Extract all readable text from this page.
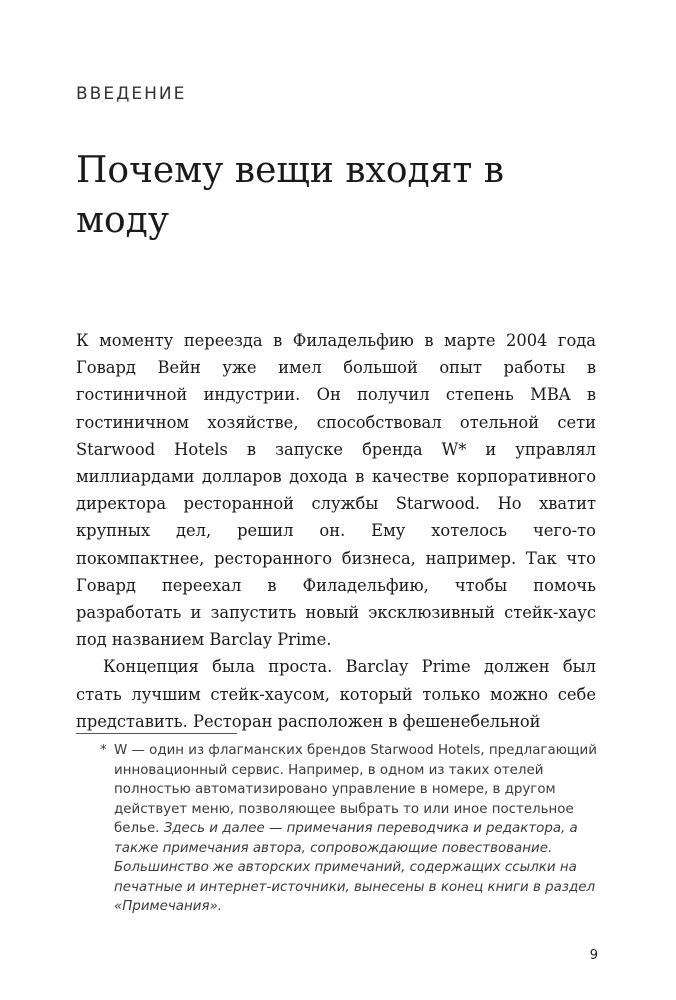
ВВЕДЕНИЕ
Почему вещи входят в моду

К моменту переезда в Филадельфию в марте 2004 года Говард Вейн уже имел большой опыт работы в гостиничной индустрии. Он получил степень MBA в гостиничном хозяйстве, способствовал отельной сети Starwood Hotels в запуске бренда W* и управлял миллиардами долларов дохода в качестве корпоративного директора ресторанной службы Starwood. Но хватит крупных дел, решил он. Ему хотелось чего-то покомпактнее, ресторанного бизнеса, например. Так что Говард переехал в Филадельфию, чтобы помочь разработать и запустить новый эксклюзивный стейк-хаус под названием Barclay Prime.

Концепция была проста. Barclay Prime должен был стать лучшим стейк-хаусом, который только можно себе представить. Ресторан расположен в фешенебельной

* W — один из флагманских брендов Starwood Hotels, предлагающий инновационный сервис. Например, в одном из таких отелей полностью автоматизировано управление в номере, в другом действует меню, позволяющее выбрать то или иное постельное белье. Здесь и далее — примечания переводчика и редактора, а также примечания автора, сопровождающие повествование. Большинство же авторских примечаний, содержащих ссылки на печатные и интернет-источники, вынесены в конец книги в раздел «Примечания».
9
